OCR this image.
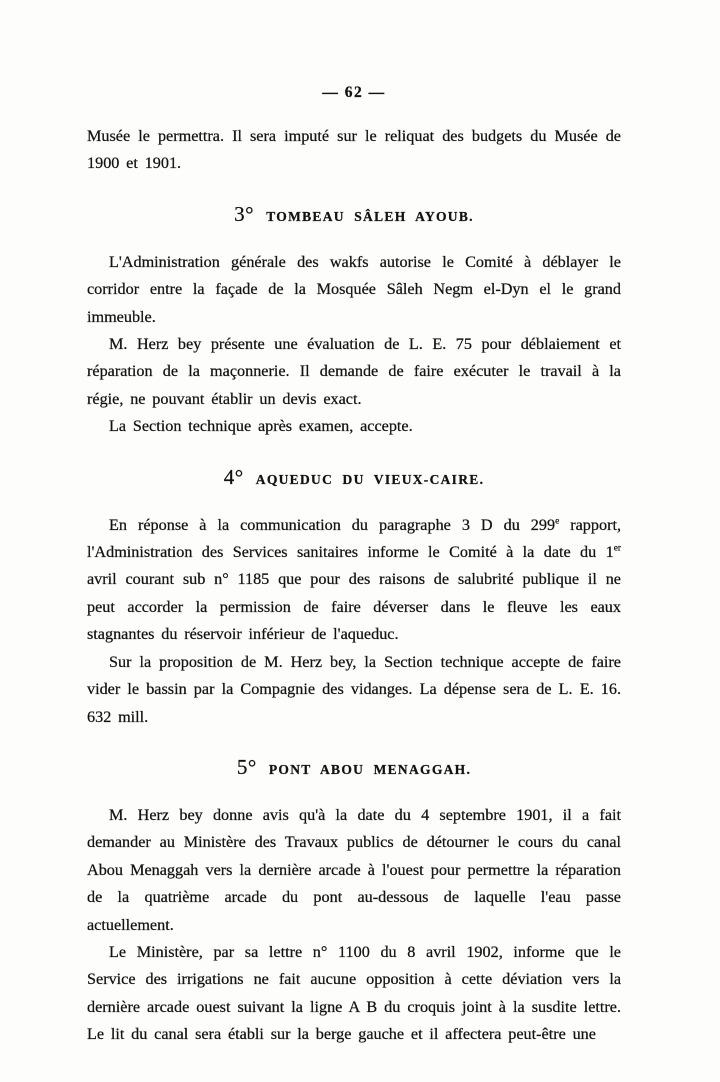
— 62 —

Musée le permettra. Il sera imputé sur le reliquat des budgets du Musée de 1900 et 1901.

3°  TOMBEAU SÂLEH AYOUB.

L'Administration générale des wakfs autorise le Comité à déblayer le corridor entre la façade de la Mosquée Sâleh Negm el-Dyn el le grand immeuble.

M. Herz bey présente une évaluation de L. E. 75 pour déblaiement et réparation de la maçonnerie. Il demande de faire exécuter le travail à la régie, ne pouvant établir un devis exact.

La Section technique après examen, accepte.

4°  AQUEDUC DU VIEUX-CAIRE.

En réponse à la communication du paragraphe 3 D du 299e rapport, l'Administration des Services sanitaires informe le Comité à la date du 1er avril courant sub n° 1185 que pour des raisons de salubrité publique il ne peut accorder la permission de faire déverser dans le fleuve les eaux stagnantes du réservoir inférieur de l'aqueduc.

Sur la proposition de M. Herz bey, la Section technique accepte de faire vider le bassin par la Compagnie des vidanges. La dépense sera de L. E. 16. 632 mill.

5°  PONT ABOU MENAGGAH.

M. Herz bey donne avis qu'à la date du 4 septembre 1901, il a fait demander au Ministère des Travaux publics de détourner le cours du canal Abou Menaggah vers la dernière arcade à l'ouest pour permettre la réparation de la quatrième arcade du pont au-dessous de laquelle l'eau passe actuellement.

Le Ministère, par sa lettre n° 1100 du 8 avril 1902, informe que le Service des irrigations ne fait aucune opposition à cette déviation vers la dernière arcade ouest suivant la ligne A B du croquis joint à la susdite lettre. Le lit du canal sera établi sur la berge gauche et il affectera peut-être une
